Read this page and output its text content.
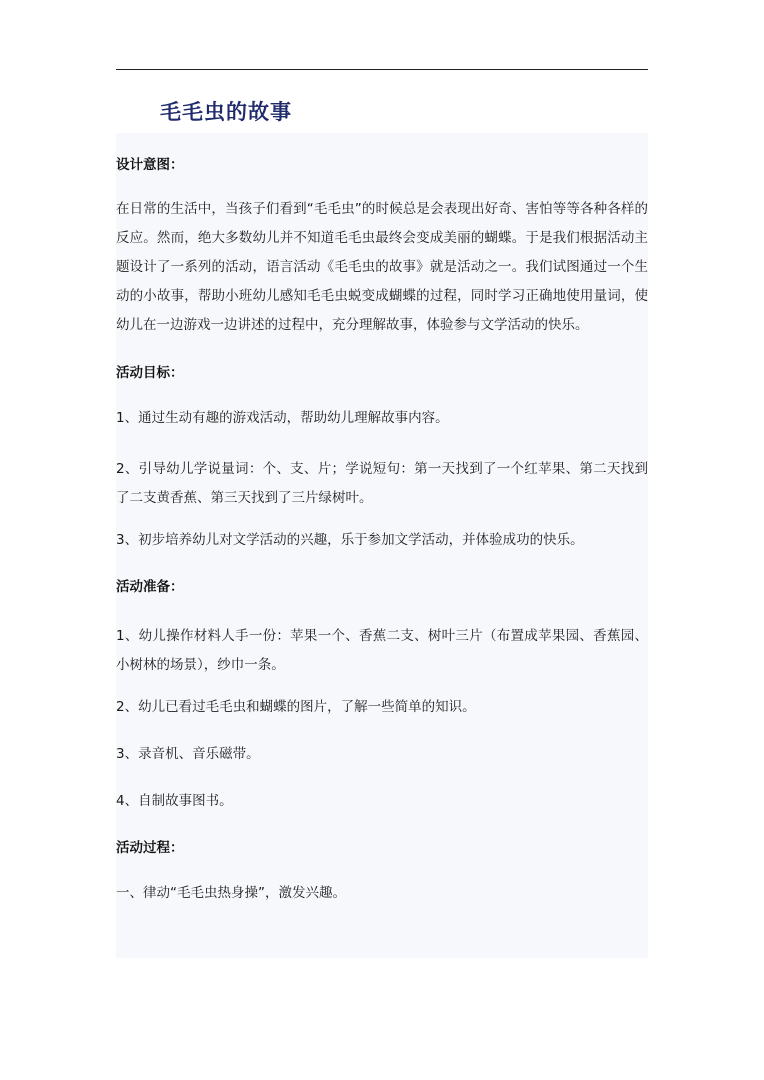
毛毛虫的故事
设计意图：
在日常的生活中，当孩子们看到“毛毛虫”的时候总是会表现出好奇、害怕等等各种各样的反应。然而，绝大多数幼儿并不知道毛毛虫最终会变成美丽的蝴蝶。于是我们根据活动主题设计了一系列的活动，语言活动《毛毛虫的故事》就是活动之一。我们试图通过一个生动的小故事，帮助小班幼儿感知毛毛虫蜕变成蝴蝶的过程，同时学习正确地使用量词，使幼儿在一边游戏一边讲述的过程中，充分理解故事，体验参与文学活动的快乐。
活动目标：
1、通过生动有趣的游戏活动，帮助幼儿理解故事内容。
2、引导幼儿学说量词：个、支、片；学说短句：第一天找到了一个红苹果、第二天找到了二支黄香蕉、第三天找到了三片绿树叶。
3、初步培养幼儿对文学活动的兴趣，乐于参加文学活动，并体验成功的快乐。
活动准备：
1、幼儿操作材料人手一份：苹果一个、香蕉二支、树叶三片（布置成苹果园、香蕉园、小树林的场景），纱巾一条。
2、幼儿已看过毛毛虫和蝴蝶的图片，了解一些简单的知识。
3、录音机、音乐磁带。
4、自制故事图书。
活动过程：
一、律动“毛毛虫热身操”，激发兴趣。
